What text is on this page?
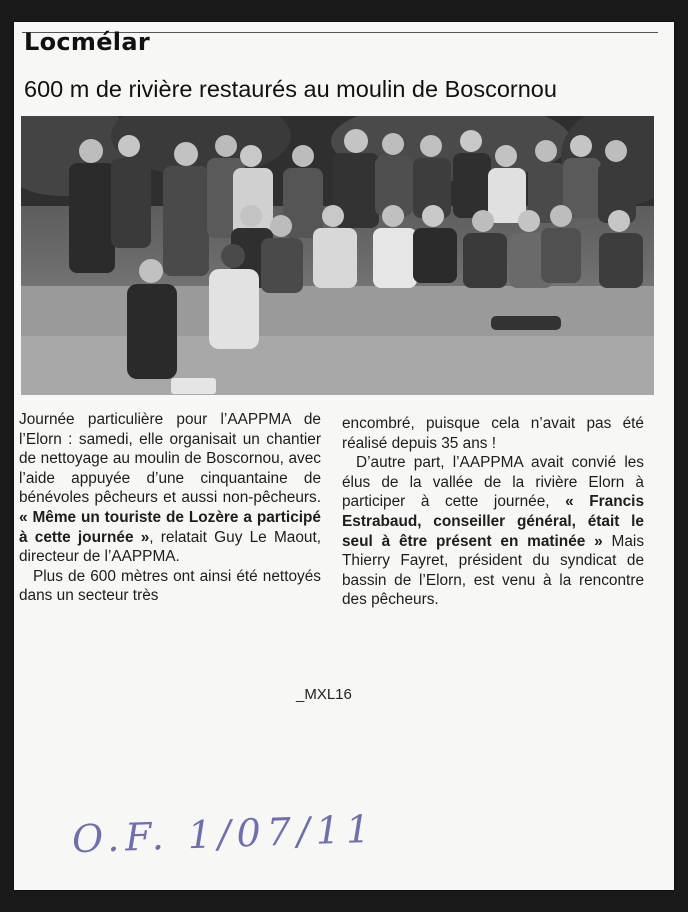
Locmélar
600 m de rivière restaurés au moulin de Boscornou

Journée particulière pour l’AAPPMA de l’Elorn : samedi, elle organisait un chantier de nettoyage au moulin de Boscornou, avec l’aide appuyée d’une cinquantaine de bénévoles pêcheurs et aussi non-pêcheurs. « Même un touriste de Lozère a participé à cette journée », relatait Guy Le Maout, directeur de l’AAPPMA.

Plus de 600 mètres ont ainsi été nettoyés dans un secteur très

encombré, puisque cela n’avait pas été réalisé depuis 35 ans !

D’autre part, l’AAPPMA avait convié les élus de la vallée de la rivière Elorn à participer à cette journée, « Francis Estrabaud, conseiller général, était le seul à être présent en matinée » Mais Thierry Fayret, président du syndicat de bassin de l’Elorn, est venu à la rencontre des pêcheurs.

_MXL16
O.F. 1/07/11
